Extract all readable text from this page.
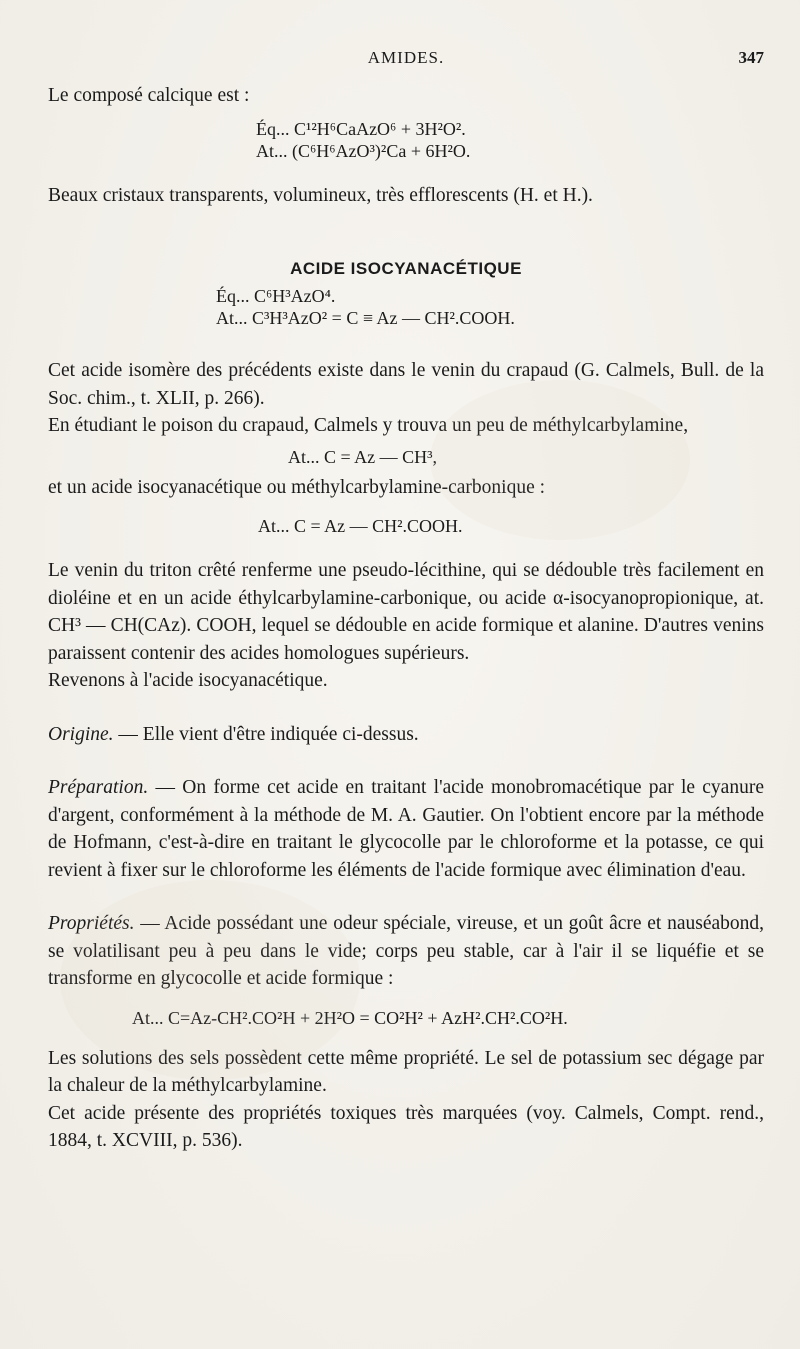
AMIDES.	347

Le composé calcique est :

Éq... C¹²H⁶CaAzO⁶ + 3H²O².
At... (C⁶H⁶AzO³)²Ca + 6H²O.

Beaux cristaux transparents, volumineux, très efflorescents (H. et H.).

ACIDE ISOCYANACÉTIQUE
Éq... C⁶H³AzO⁴.
At... C³H³AzO² = C ≡ Az — CH².COOH.

Cet acide isomère des précédents existe dans le venin du crapaud (G. Calmels, Bull. de la Soc. chim., t. XLII, p. 266).

En étudiant le poison du crapaud, Calmels y trouva un peu de méthylcarbylamine,

At... C = Az — CH³,

et un acide isocyanacétique ou méthylcarbylamine-carbonique :

At... C = Az — CH².COOH.

Le venin du triton crêté renferme une pseudo-lécithine, qui se dédouble très facilement en dioléine et en un acide éthylcarbylamine-carbonique, ou acide α-isocyanopropionique, at. CH³ — CH(CAz). COOH, lequel se dédouble en acide formique et alanine. D'autres venins paraissent contenir des acides homologues supérieurs.

Revenons à l'acide isocyanacétique.

Origine. — Elle vient d'être indiquée ci-dessus.

Préparation. — On forme cet acide en traitant l'acide monobromacétique par le cyanure d'argent, conformément à la méthode de M. A. Gautier. On l'obtient encore par la méthode de Hofmann, c'est-à-dire en traitant le glycocolle par le chloroforme et la potasse, ce qui revient à fixer sur le chloroforme les éléments de l'acide formique avec élimination d'eau.

Propriétés. — Acide possédant une odeur spéciale, vireuse, et un goût âcre et nauséabond, se volatilisant peu à peu dans le vide; corps peu stable, car à l'air il se liquéfie et se transforme en glycocolle et acide formique :

At... C=Az-CH².CO²H + 2H²O = CO²H² + AzH².CH².CO²H.

Les solutions des sels possèdent cette même propriété. Le sel de potassium sec dégage par la chaleur de la méthylcarbylamine.

Cet acide présente des propriétés toxiques très marquées (voy. Calmels, Compt. rend., 1884, t. XCVIII, p. 536).
